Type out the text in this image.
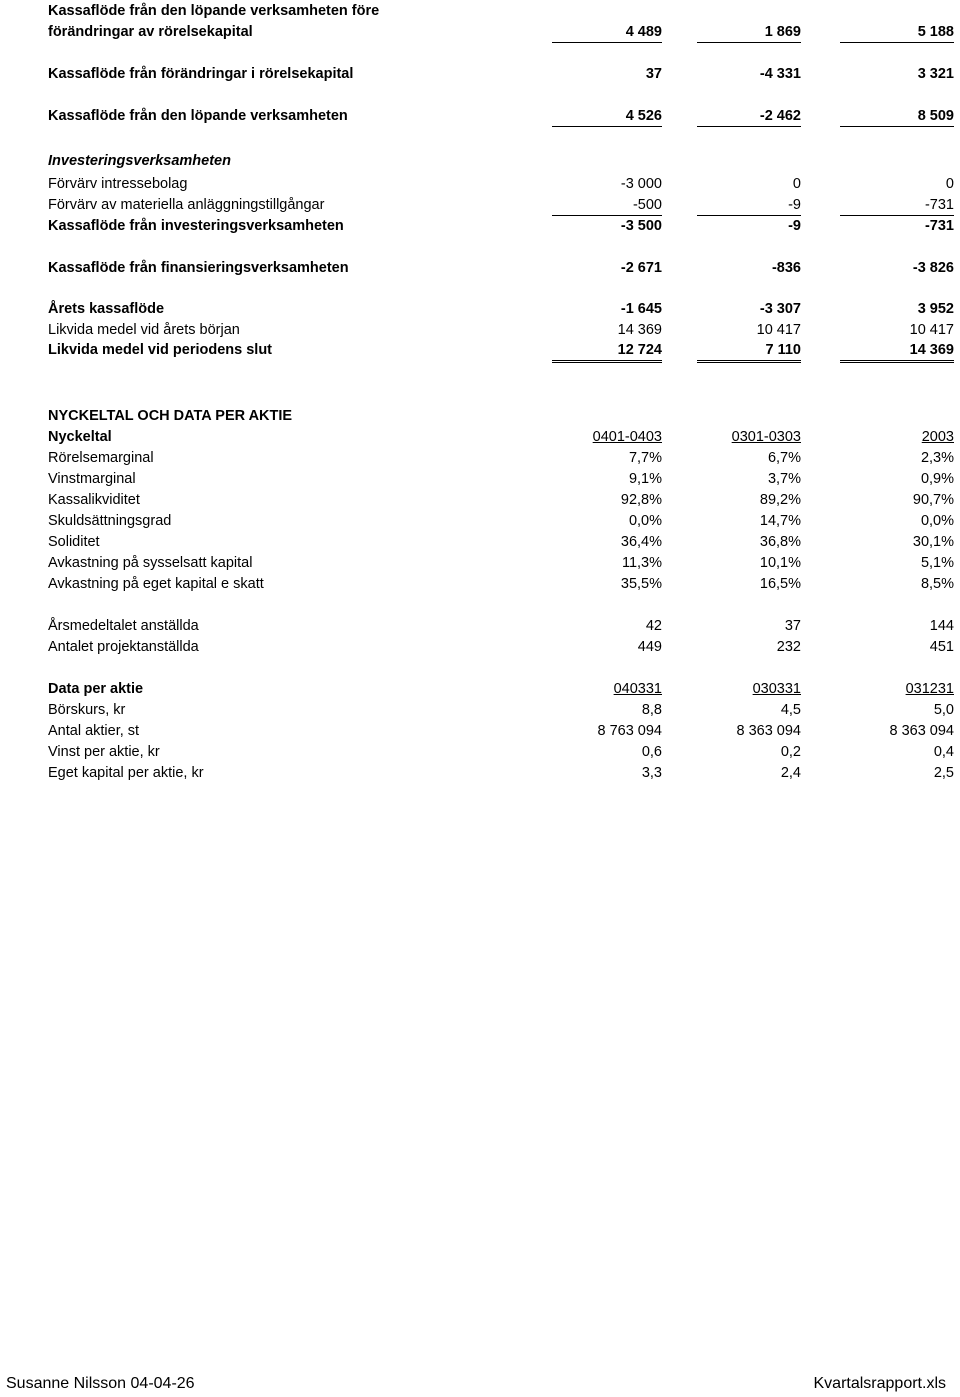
Kassaflöde från den löpande verksamheten före
förändringar av rörelsekapital	4 489	1 869	5 188
Kassaflöde från förändringar i rörelsekapital	37	-4 331	3 321
Kassaflöde från den löpande verksamheten	4 526	-2 462	8 509
Investeringsverksamheten
Förvärv intressebolag	-3 000	0	0
Förvärv av materiella anläggningstillgångar	-500	-9	-731
Kassaflöde från investeringsverksamheten	-3 500	-9	-731
Kassaflöde från finansieringsverksamheten	-2 671	-836	-3 826
Årets kassaflöde	-1 645	-3 307	3 952
Likvida medel vid årets början	14 369	10 417	10 417
Likvida medel vid periodens slut	12 724	7 110	14 369
NYCKELTAL OCH DATA PER AKTIE
Nyckeltal	0401-0403	0301-0303	2003
Rörelsemarginal	7,7%	6,7%	2,3%
Vinstmarginal	9,1%	3,7%	0,9%
Kassalikviditet	92,8%	89,2%	90,7%
Skuldsättningsgrad	0,0%	14,7%	0,0%
Soliditet	36,4%	36,8%	30,1%
Avkastning på sysselsatt kapital	11,3%	10,1%	5,1%
Avkastning på eget kapital e skatt	35,5%	16,5%	8,5%
Årsmedeltalet anställda	42	37	144
Antalet projektanställda	449	232	451
Data per aktie	040331	030331	031231
Börskurs, kr	8,8	4,5	5,0
Antal aktier, st	8 763 094	8 363 094	8 363 094
Vinst per aktie, kr	0,6	0,2	0,4
Eget kapital per aktie, kr	3,3	2,4	2,5
Susanne Nilsson 04-04-26	Kvartalsrapport.xls
